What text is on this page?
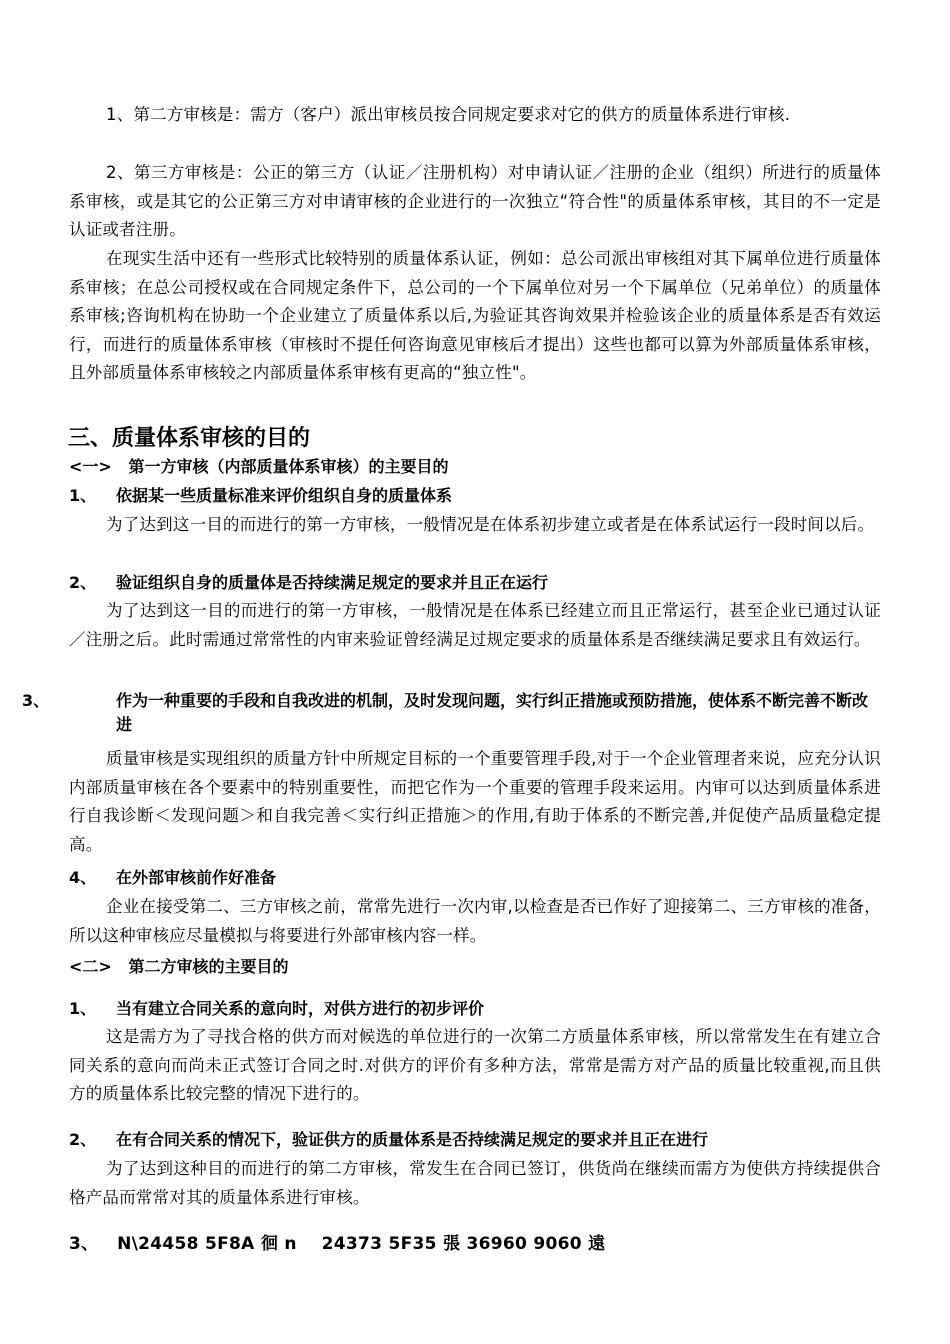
1、第二方审核是：需方（客户）派出审核员按合同规定要求对它的供方的质量体系进行审核.

2、第三方审核是：公正的第三方（认证／注册机构）对申请认证／注册的企业（组织）所进行的质量体系审核，或是其它的公正第三方对申请审核的企业进行的一次独立“符合性"的质量体系审核，其目的不一定是认证或者注册。

在现实生活中还有一些形式比较特别的质量体系认证，例如：总公司派出审核组对其下属单位进行质量体系审核；在总公司授权或在合同规定条件下，总公司的一个下属单位对另一个下属单位（兄弟单位）的质量体系审核;咨询机构在协助一个企业建立了质量体系以后,为验证其咨询效果并检验该企业的质量体系是否有效运行，而进行的质量体系审核（审核时不提任何咨询意见审核后才提出）这些也都可以算为外部质量体系审核，且外部质量体系审核较之内部质量体系审核有更高的“独立性"。

三、质量体系审核的目的
<一>   第一方审核（内部质量体系审核）的主要目的
1、 依据某一些质量标准来评价组织自身的质量体系

为了达到这一目的而进行的第一方审核，一般情况是在体系初步建立或者是在体系试运行一段时间以后。

2、 验证组织自身的质量体是否持续满足规定的要求并且正在运行

为了达到这一目的而进行的第一方审核，一般情况是在体系已经建立而且正常运行，甚至企业已通过认证／注册之后。此时需通过常常性的内审来验证曾经满足过规定要求的质量体系是否继续满足要求且有效运行。

3、	作为一种重要的手段和自我改进的机制，及时发现问题，实行纠正措施或预防措施，使体系不断完善不断改进

质量审核是实现组织的质量方针中所规定目标的一个重要管理手段,对于一个企业管理者来说，应充分认识内部质量审核在各个要素中的特别重要性，而把它作为一个重要的管理手段来运用。内审可以达到质量体系进行自我诊断＜发现问题＞和自我完善＜实行纠正措施＞的作用,有助于体系的不断完善,并促使产品质量稳定提高。

4、 在外部审核前作好准备

企业在接受第二、三方审核之前，常常先进行一次内审,以检查是否已作好了迎接第二、三方审核的准备，所以这种审核应尽量模拟与将要进行外部审核内容一样。

<二>   第二方审核的主要目的
1、 当有建立合同关系的意向时，对供方进行的初步评价

这是需方为了寻找合格的供方而对候选的单位进行的一次第二方质量体系审核，所以常常发生在有建立合同关系的意向而尚未正式签订合同之时.对供方的评价有多种方法，常常是需方对产品的质量比较重视,而且供方的质量体系比较完整的情况下进行的。

2、 在有合同关系的情况下，验证供方的质量体系是否持续满足规定的要求并且正在进行

为了达到这种目的而进行的第二方审核，常发生在合同已签订，供货尚在继续而需方为使供方持续提供合格产品而常常对其的质量体系进行审核。

3、   N\24458 5F8A 徊 n    24373 5F35 張 36960 9060 遠
